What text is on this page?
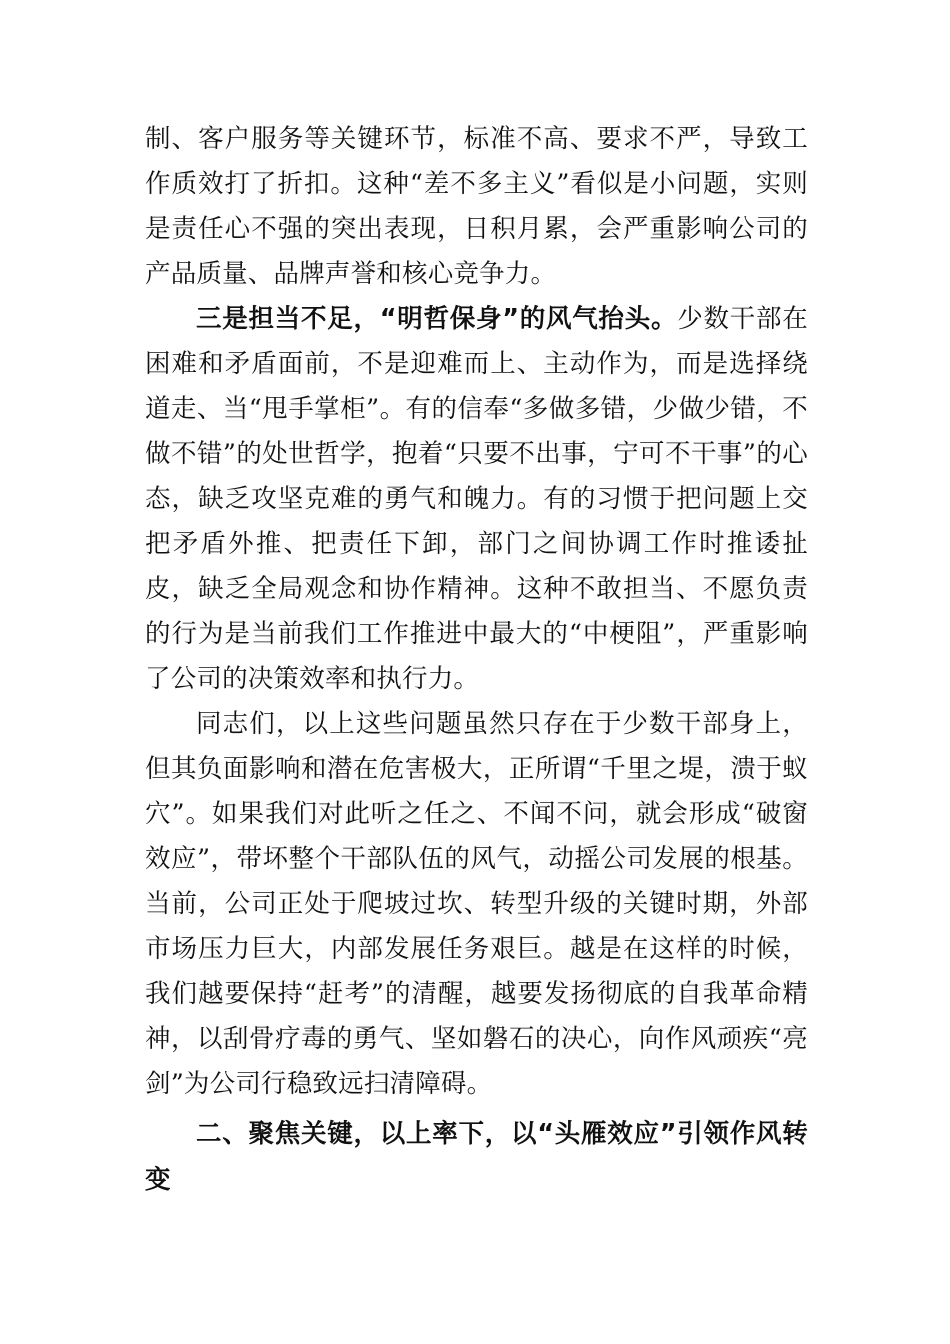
制、客户服务等关键环节，标准不高、要求不严，导致工作质效打了折扣。这种“差不多主义”看似是小问题，实则是责任心不强的突出表现，日积月累，会严重影响公司的产品质量、品牌声誉和核心竞争力。

三是担当不足，“明哲保身”的风气抬头。少数干部在困难和矛盾面前，不是迎难而上、主动作为，而是选择绕道走、当“甩手掌柜”。有的信奉“多做多错，少做少错，不做不错”的处世哲学，抱着“只要不出事，宁可不干事”的心态，缺乏攻坚克难的勇气和魄力。有的习惯于把问题上交把矛盾外推、把责任下卸，部门之间协调工作时推诿扯皮，缺乏全局观念和协作精神。这种不敢担当、不愿负责的行为是当前我们工作推进中最大的“中梗阻”，严重影响了公司的决策效率和执行力。

同志们，以上这些问题虽然只存在于少数干部身上，但其负面影响和潜在危害极大，正所谓“千里之堤，溃于蚁穴”。如果我们对此听之任之、不闻不问，就会形成“破窗效应”，带坏整个干部队伍的风气，动摇公司发展的根基。当前，公司正处于爬坡过坎、转型升级的关键时期，外部市场压力巨大，内部发展任务艰巨。越是在这样的时候，我们越要保持“赶考”的清醒，越要发扬彻底的自我革命精神，以刮骨疗毒的勇气、坚如磐石的决心，向作风顽疾“亮剑”为公司行稳致远扫清障碍。

二、聚焦关键，以上率下，以“头雁效应”引领作风转变
